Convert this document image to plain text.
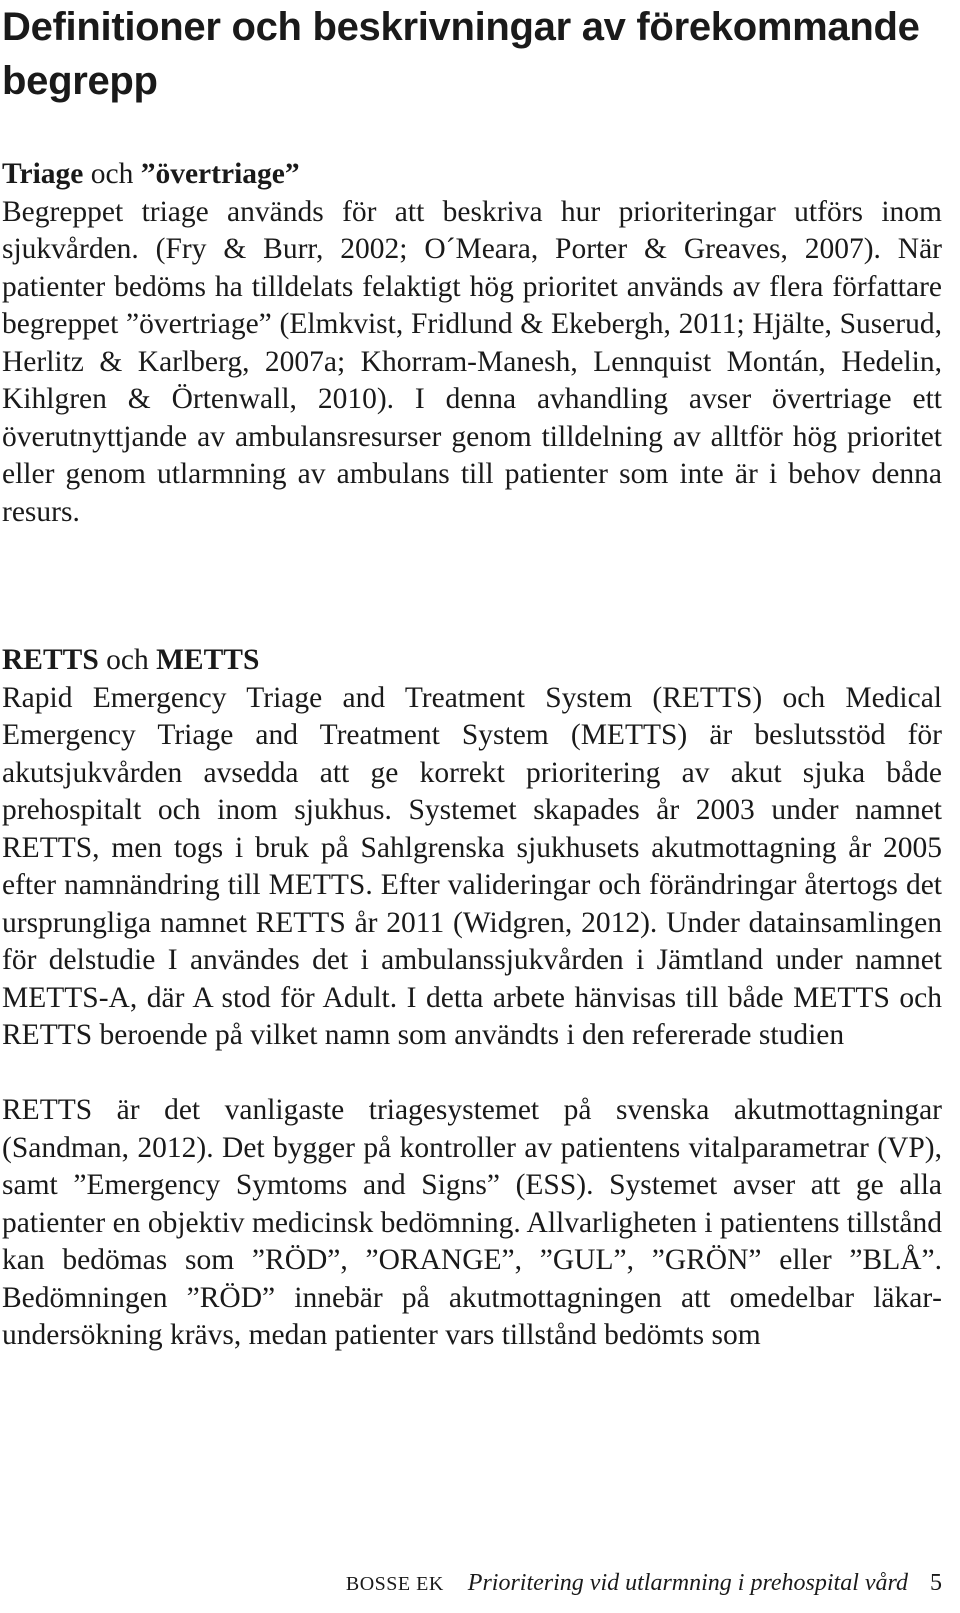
Definitioner och beskrivningar av förekommande begrepp
Triage och ”övertriage”

Begreppet triage används för att beskriva hur prioriteringar utförs inom sjukvården. (Fry & Burr, 2002; O´Meara, Porter & Greaves, 2007). När patienter bedöms ha tilldelats felaktigt hög prioritet används av flera författare begreppet ”övertriage” (Elmkvist, Fridlund & Ekebergh, 2011; Hjälte, Suserud, Herlitz & Karlberg, 2007a; Khorram-Manesh, Lennquist Montán, Hedelin, Kihlgren & Örtenwall, 2010). I denna avhandling avser övertriage ett överutnyttjande av ambulansresurser genom tilldelning av alltför hög prioritet eller genom utlarmning av ambulans till patienter som inte är i behov denna resurs.

RETTS och METTS

Rapid Emergency Triage and Treatment System (RETTS) och Medical Emergency Triage and Treatment System (METTS) är beslutsstöd för akutsjukvården avsedda att ge korrekt prioritering av akut sjuka både prehospitalt och inom sjukhus. Systemet skapades år 2003 under namnet RETTS, men togs i bruk på Sahlgrenska sjukhusets akutmottagning år 2005 efter namnändring till METTS. Efter valideringar och förändringar återtogs det ursprungliga namnet RETTS år 2011 (Widgren, 2012). Under datainsamlingen för delstudie I användes det i ambulanssjukvården i Jämtland under namnet METTS-A, där A stod för Adult. I detta arbete hänvisas till både METTS och RETTS beroende på vilket namn som användts i den refererade studien

RETTS är det vanligaste triagesystemet på svenska akutmottagningar (Sandman, 2012). Det bygger på kontroller av patientens vitalparametrar (VP), samt ”Emergency Symtoms and Signs” (ESS). Systemet avser att ge alla patienter en objektiv medicinsk bedömning. Allvarligheten i patientens tillstånd kan bedömas som ”RÖD”, ”ORANGE”, ”GUL”, ”GRÖN” eller ”BLÅ”. Bedömningen ”RÖD” innebär på akutmottagningen att omedelbar läkarundersökning krävs, medan patienter vars tillstånd bedömts som

BOSSE EK Prioritering vid utlarmning i prehospital vård 5
